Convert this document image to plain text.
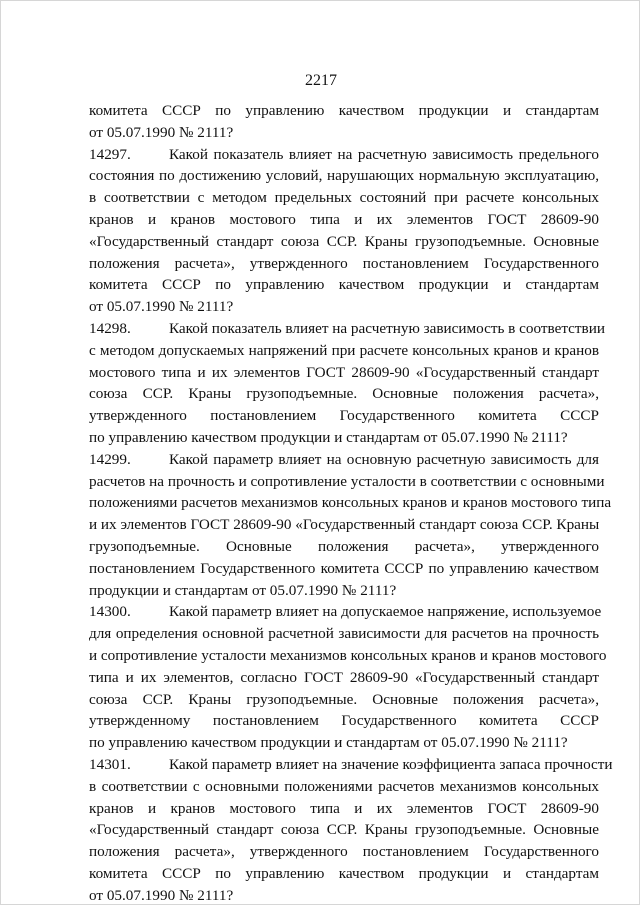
2217
комитета СССР по управлению качеством продукции и стандартам
от 05.07.1990 № 2111?
14297.	Какой показатель влияет на расчетную зависимость предельного
состояния по достижению условий, нарушающих нормальную эксплуатацию,
в соответствии с методом предельных состояний при расчете консольных
кранов и кранов мостового типа и их элементов ГОСТ 28609-90
«Государственный стандарт союза ССР. Краны грузоподъемные. Основные
положения расчета», утвержденного постановлением Государственного
комитета СССР по управлению качеством продукции и стандартам
от 05.07.1990 № 2111?
14298.	Какой показатель влияет на расчетную зависимость в соответствии
с методом допускаемых напряжений при расчете консольных кранов и кранов
мостового типа и их элементов ГОСТ 28609-90 «Государственный стандарт
союза ССР. Краны грузоподъемные. Основные положения расчета»,
утвержденного постановлением Государственного комитета СССР
по управлению качеством продукции и стандартам от 05.07.1990 № 2111?
14299.	Какой параметр влияет на основную расчетную зависимость для
расчетов на прочность и сопротивление усталости в соответствии с основными
положениями расчетов механизмов консольных кранов и кранов мостового типа
и их элементов ГОСТ 28609-90 «Государственный стандарт союза ССР. Краны
грузоподъемные. Основные положения расчета», утвержденного
постановлением Государственного комитета СССР по управлению качеством
продукции и стандартам от 05.07.1990 № 2111?
14300.	Какой параметр влияет на допускаемое напряжение, используемое
для определения основной расчетной зависимости для расчетов на прочность
и сопротивление усталости механизмов консольных кранов и кранов мостового
типа и их элементов, согласно ГОСТ 28609-90 «Государственный стандарт
союза ССР. Краны грузоподъемные. Основные положения расчета»,
утвержденному постановлением Государственного комитета СССР
по управлению качеством продукции и стандартам от 05.07.1990 № 2111?
14301.	Какой параметр влияет на значение коэффициента запаса прочности
в соответствии с основными положениями расчетов механизмов консольных
кранов и кранов мостового типа и их элементов ГОСТ 28609-90
«Государственный стандарт союза ССР. Краны грузоподъемные. Основные
положения расчета», утвержденного постановлением Государственного
комитета СССР по управлению качеством продукции и стандартам
от 05.07.1990 № 2111?
